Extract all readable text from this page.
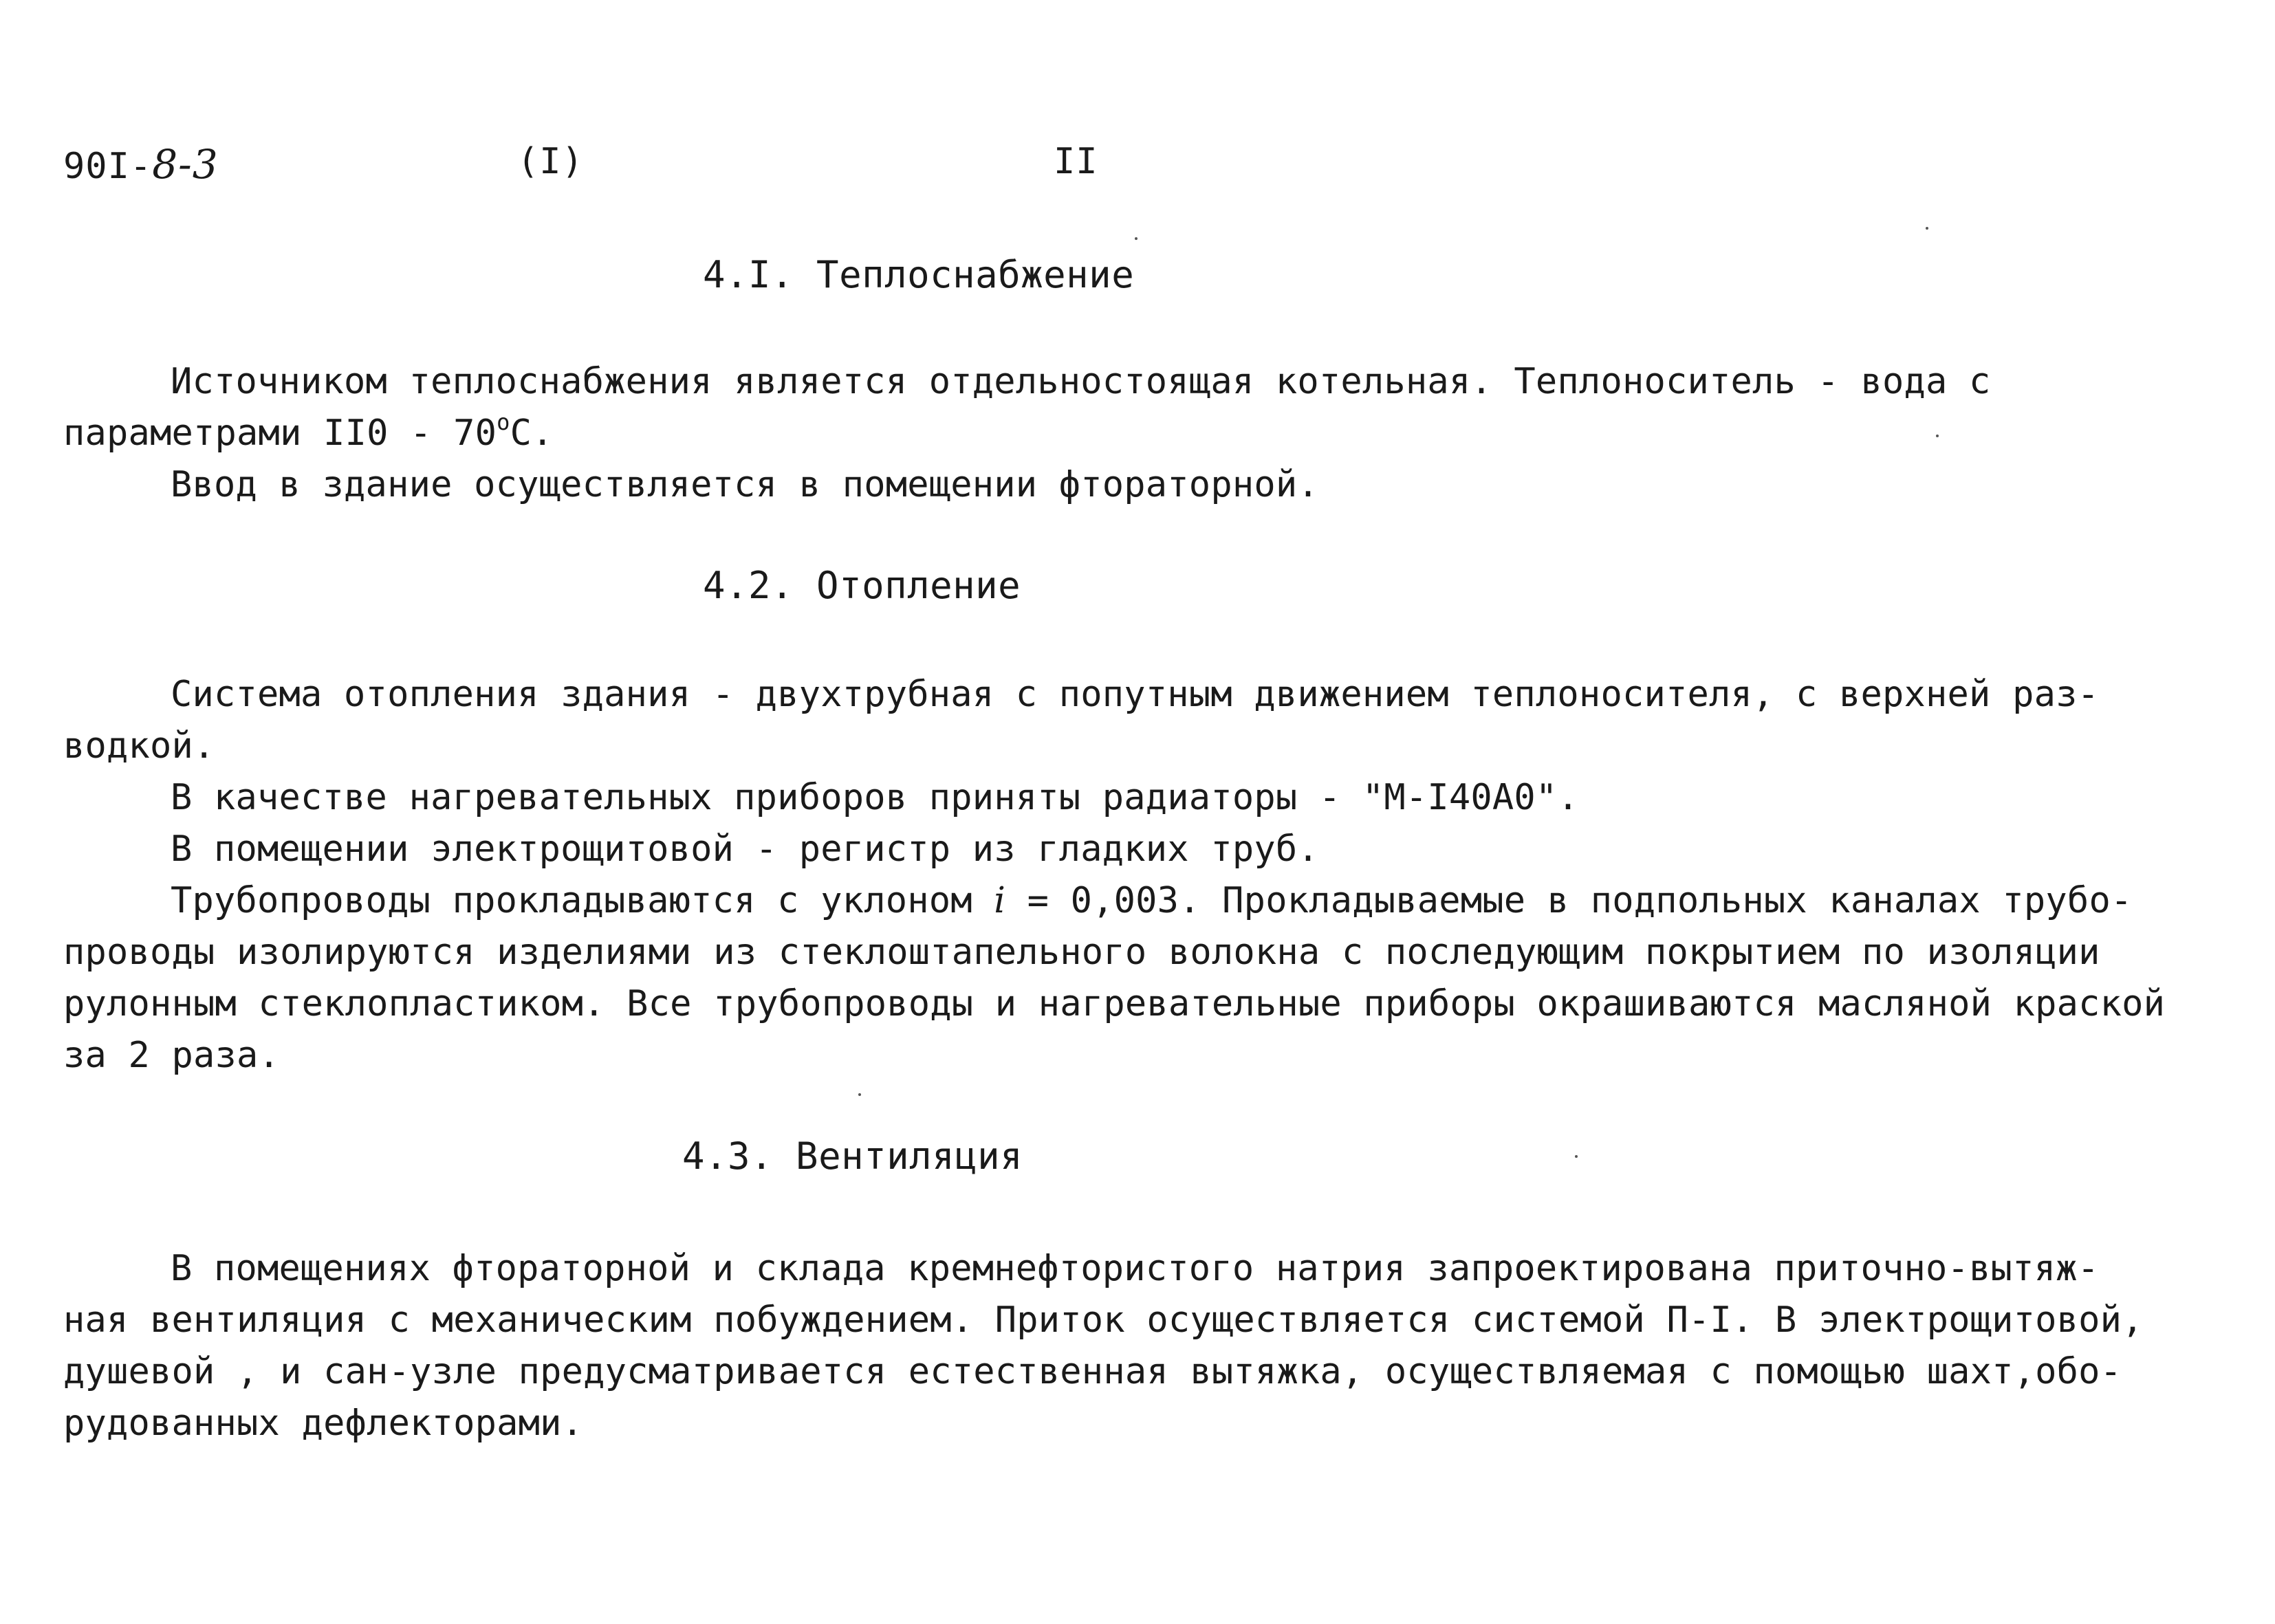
90I-8-3	(I)	II
4.I. Теплоснабжение
Источником теплоснабжения является отдельностоящая котельная. Теплоноситель - вода с
параметрами II0 - 70$^o$C.
Ввод в здание осуществляется в помещении фтораторной.
4.2. Отопление
Система отопления здания - двухтрубная с попутным движением теплоносителя, с верхней раз-
водкой.
В качестве нагревательных приборов приняты радиаторы - "М-I40А0".
В помещении электрощитовой - регистр из гладких труб.
Трубопроводы прокладываются с уклоном i = 0,003. Прокладываемые в подпольных каналах трубо-
проводы изолируются изделиями из стеклоштапельного волокна с последующим покрытием по изоляции
рулонным стеклопластиком. Все трубопроводы и нагревательные приборы окрашиваются масляной краской
за 2 раза.
4.3. Вентиляция
В помещениях фтораторной и склада кремнефтористого натрия запроектирована приточно-вытяж-
ная вентиляция с механическим побуждением. Приток осуществляется системой П-I. В электрощитовой,
душевой , и сан-узле предусматривается естественная вытяжка, осуществляемая с помощью шахт,обо-
рудованных дефлекторами.
